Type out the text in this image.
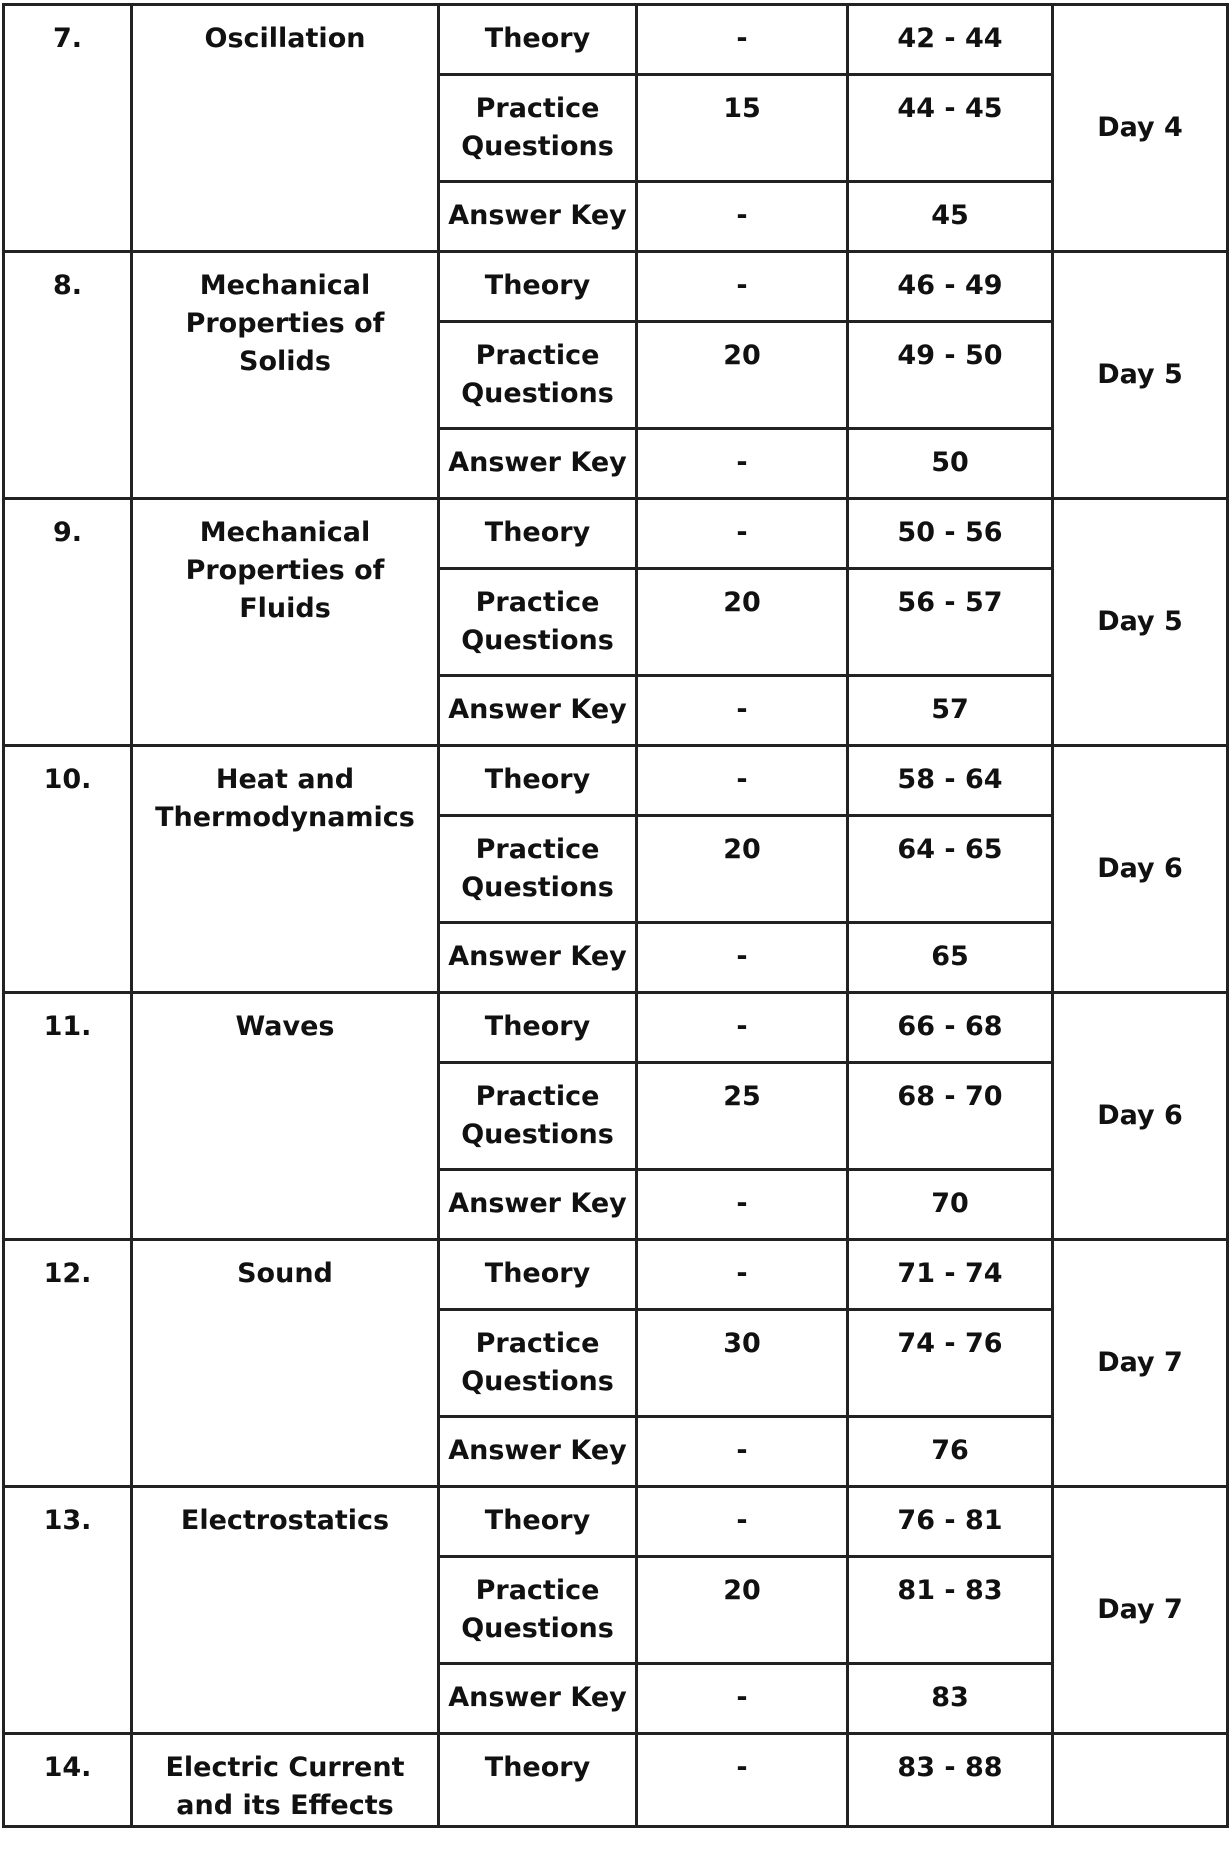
7.	Oscillation	Theory	-	42 - 44	Day 4
		Practice Questions	15	44 - 45	
		Answer Key	-	45	
8.	Mechanical Properties of Solids	Theory	-	46 - 49	Day 5
		Practice Questions	20	49 - 50	
		Answer Key	-	50	
9.	Mechanical Properties of Fluids	Theory	-	50 - 56	Day 5
		Practice Questions	20	56 - 57	
		Answer Key	-	57	
10.	Heat and Thermodynamics	Theory	-	58 - 64	Day 6
		Practice Questions	20	64 - 65	
		Answer Key	-	65	
11.	Waves	Theory	-	66 - 68	Day 6
		Practice Questions	25	68 - 70	
		Answer Key	-	70	
12.	Sound	Theory	-	71 - 74	Day 7
		Practice Questions	30	74 - 76	
		Answer Key	-	76	
13.	Electrostatics	Theory	-	76 - 81	Day 7
		Practice Questions	20	81 - 83	
		Answer Key	-	83	
14.	Electric Current and its Effects	Theory	-	83 - 88	
